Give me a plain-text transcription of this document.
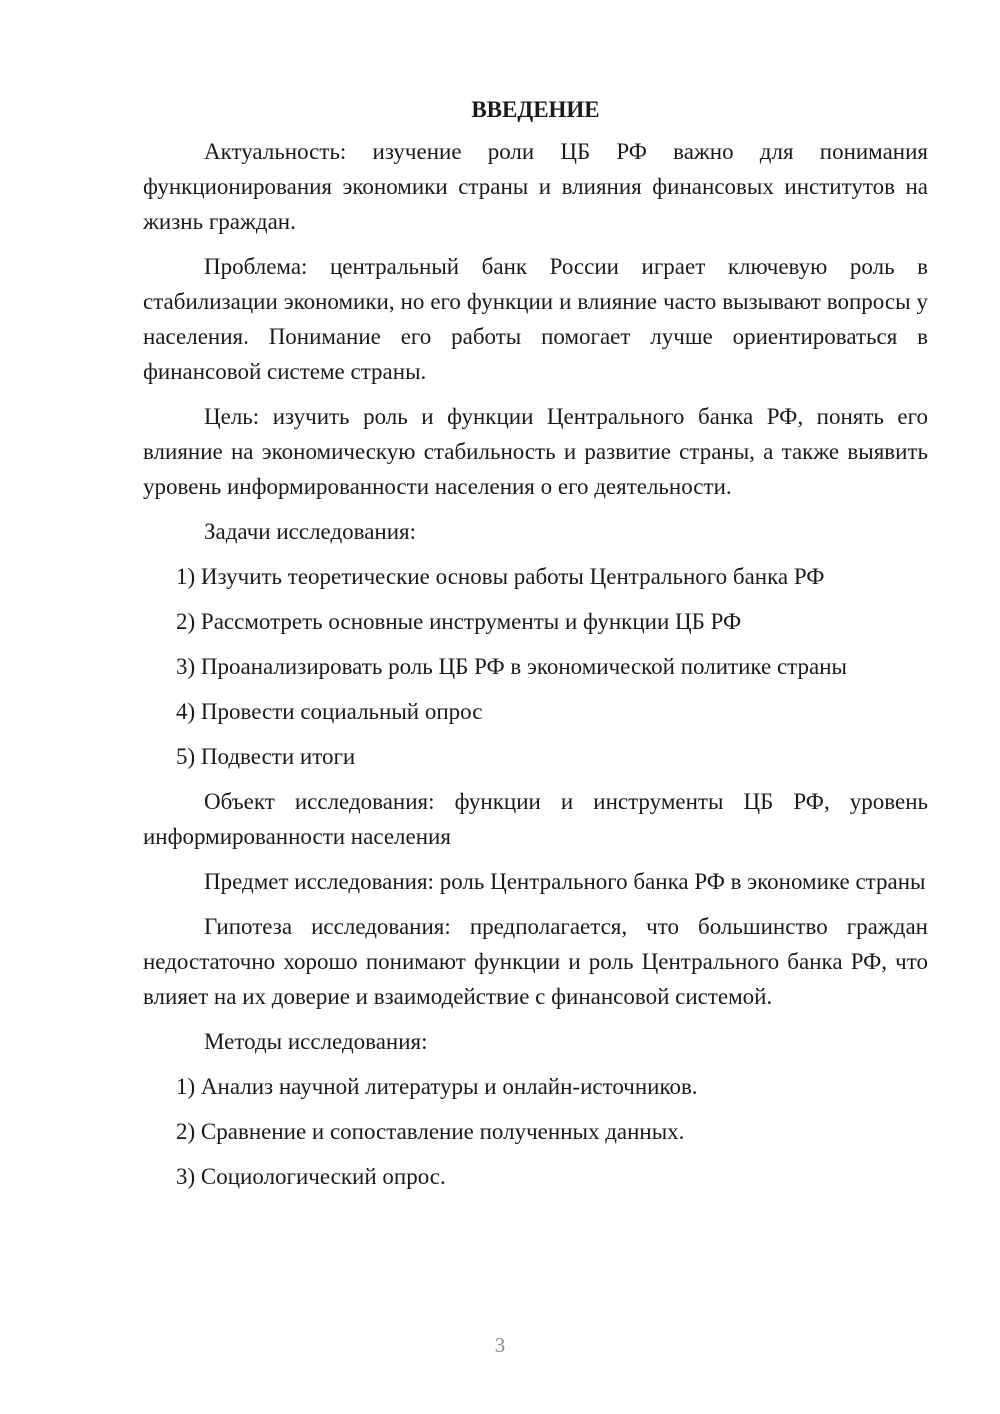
ВВЕДЕНИЕ

Актуальность: изучение роли ЦБ РФ важно для понимания функционирования экономики страны и влияния финансовых институтов на жизнь граждан.

Проблема: центральный банк России играет ключевую роль в стабилизации экономики, но его функции и влияние часто вызывают вопросы у населения. Понимание его работы помогает лучше ориентироваться в финансовой системе страны.

Цель: изучить роль и функции Центрального банка РФ, понять его влияние на экономическую стабильность и развитие страны, а также выявить уровень информированности населения о его деятельности.

Задачи исследования:

1) Изучить теоретические основы работы Центрального банка РФ

2) Рассмотреть основные инструменты и функции ЦБ РФ

3) Проанализировать роль ЦБ РФ в экономической политике страны

4) Провести социальный опрос

5) Подвести итоги

Объект исследования: функции и инструменты ЦБ РФ, уровень информированности населения

Предмет исследования: роль Центрального банка РФ в экономике страны

Гипотеза исследования: предполагается, что большинство граждан недостаточно хорошо понимают функции и роль Центрального банка РФ, что влияет на их доверие и взаимодействие с финансовой системой.

Методы исследования:

1) Анализ научной литературы и онлайн-источников.

2) Сравнение и сопоставление полученных данных.

3) Социологический опрос.

3
